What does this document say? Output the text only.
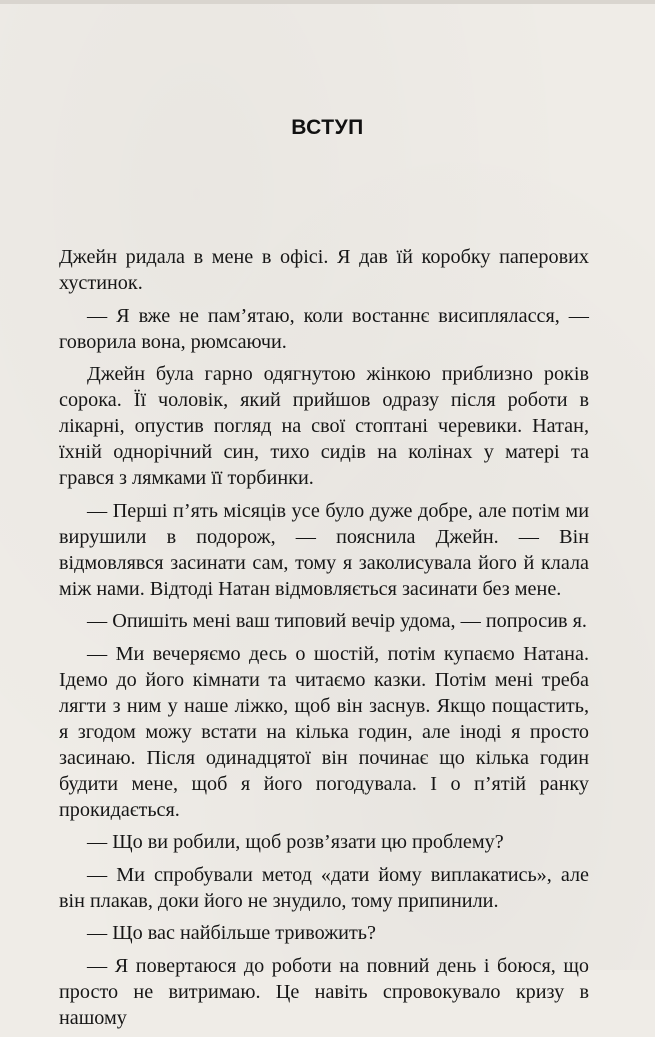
ВСТУП

Джейн ридала в мене в офісі. Я дав їй коробку паперових хустинок.

— Я вже не пам’ятаю, коли востаннє висипляласся, — говорила вона, рюмсаючи.

Джейн була гарно одягнутою жінкою приблизно років сорока. Її чоловік, який прийшов одразу після роботи в лікарні, опустив погляд на свої стоптані черевики. Натан, їхній однорічний син, тихо сидів на колінах у матері та грався з лямками її торбинки.

— Перші п’ять місяців усе було дуже добре, але потім ми вирушили в подорож, — пояснила Джейн. — Він відмовлявся засинати сам, тому я заколисувала його й клала між нами. Відтоді Натан відмовляється засинати без мене.

— Опишіть мені ваш типовий вечір удома, — попросив я.

— Ми вечеряємо десь о шостій, потім купаємо Натана. Ідемо до його кімнати та читаємо казки. Потім мені треба лягти з ним у наше ліжко, щоб він заснув. Якщо пощастить, я згодом можу встати на кілька годин, але іноді я просто засинаю. Після одинадцятої він починає що кілька годин будити мене, щоб я його погодувала. І о п’ятій ранку прокидається.

— Що ви робили, щоб розв’язати цю проблему?

— Ми спробували метод «дати йому виплакатись», але він плакав, доки його не знудило, тому припинили.

— Що вас найбільше тривожить?

— Я повертаюся до роботи на повний день і боюся, що просто не витримаю. Це навіть спровокувало кризу в нашому
